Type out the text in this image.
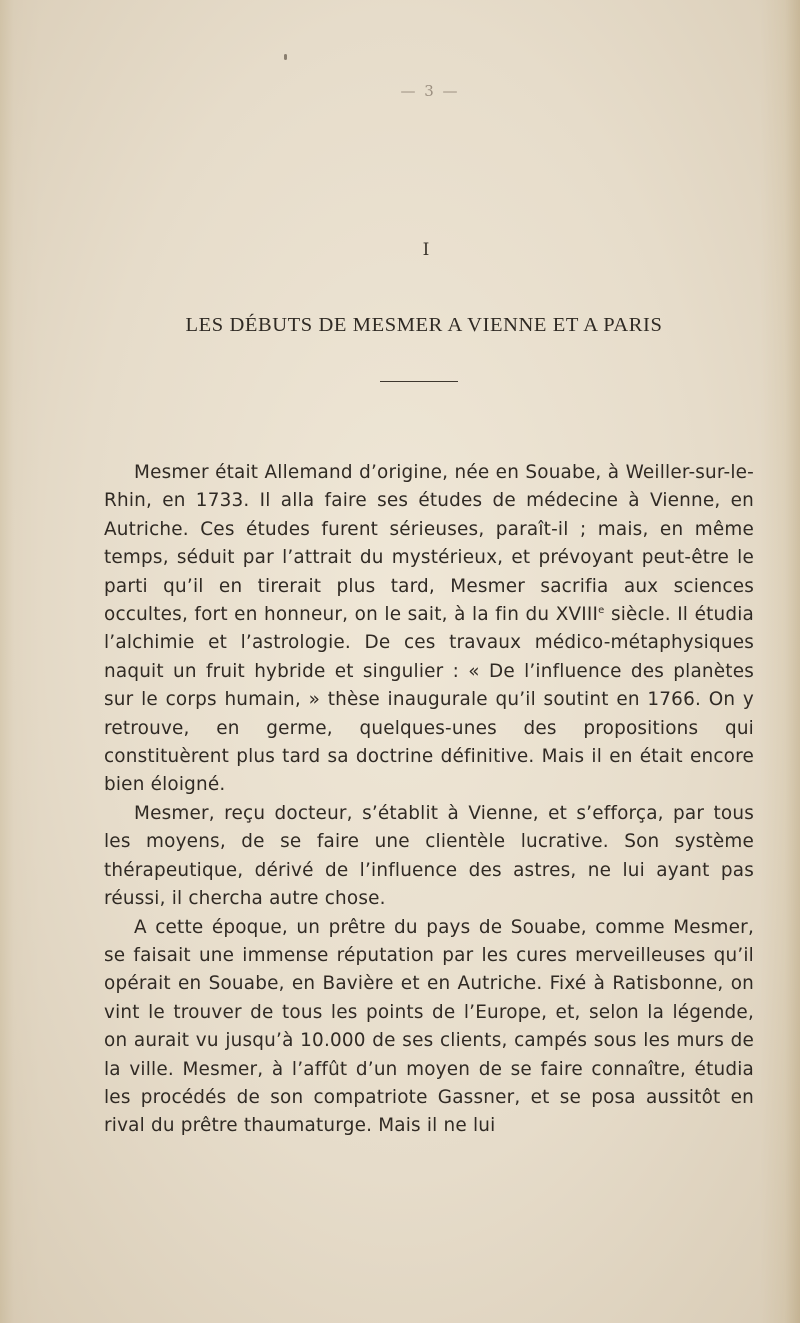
— 3 —
I
LES DÉBUTS DE MESMER A VIENNE ET A PARIS

Mesmer était Allemand d’origine, née en Souabe, à Weiller-sur-le-Rhin, en 1733. Il alla faire ses études de médecine à Vienne, en Autriche. Ces études furent sérieuses, paraît-il ; mais, en même temps, séduit par l’attrait du mystérieux, et prévoyant peut-être le parti qu’il en tirerait plus tard, Mesmer sacrifia aux sciences occultes, fort en honneur, on le sait, à la fin du XVIIIe siècle. Il étudia l’alchimie et l’astrologie. De ces travaux médico-métaphysiques naquit un fruit hybride et singulier : « De l’influence des planètes sur le corps humain, » thèse inaugurale qu’il soutint en 1766. On y retrouve, en germe, quelques-unes des propositions qui constituèrent plus tard sa doctrine définitive. Mais il en était encore bien éloigné.

Mesmer, reçu docteur, s’établit à Vienne, et s’efforça, par tous les moyens, de se faire une clientèle lucrative. Son système thérapeutique, dérivé de l’influence des astres, ne lui ayant pas réussi, il chercha autre chose.

A cette époque, un prêtre du pays de Souabe, comme Mesmer, se faisait une immense réputation par les cures merveilleuses qu’il opérait en Souabe, en Bavière et en Autriche. Fixé à Ratisbonne, on vint le trouver de tous les points de l’Europe, et, selon la légende, on aurait vu jusqu’à 10.000 de ses clients, campés sous les murs de la ville. Mesmer, à l’affût d’un moyen de se faire connaître, étudia les procédés de son compatriote Gassner, et se posa aussitôt en rival du prêtre thaumaturge. Mais il ne lui
